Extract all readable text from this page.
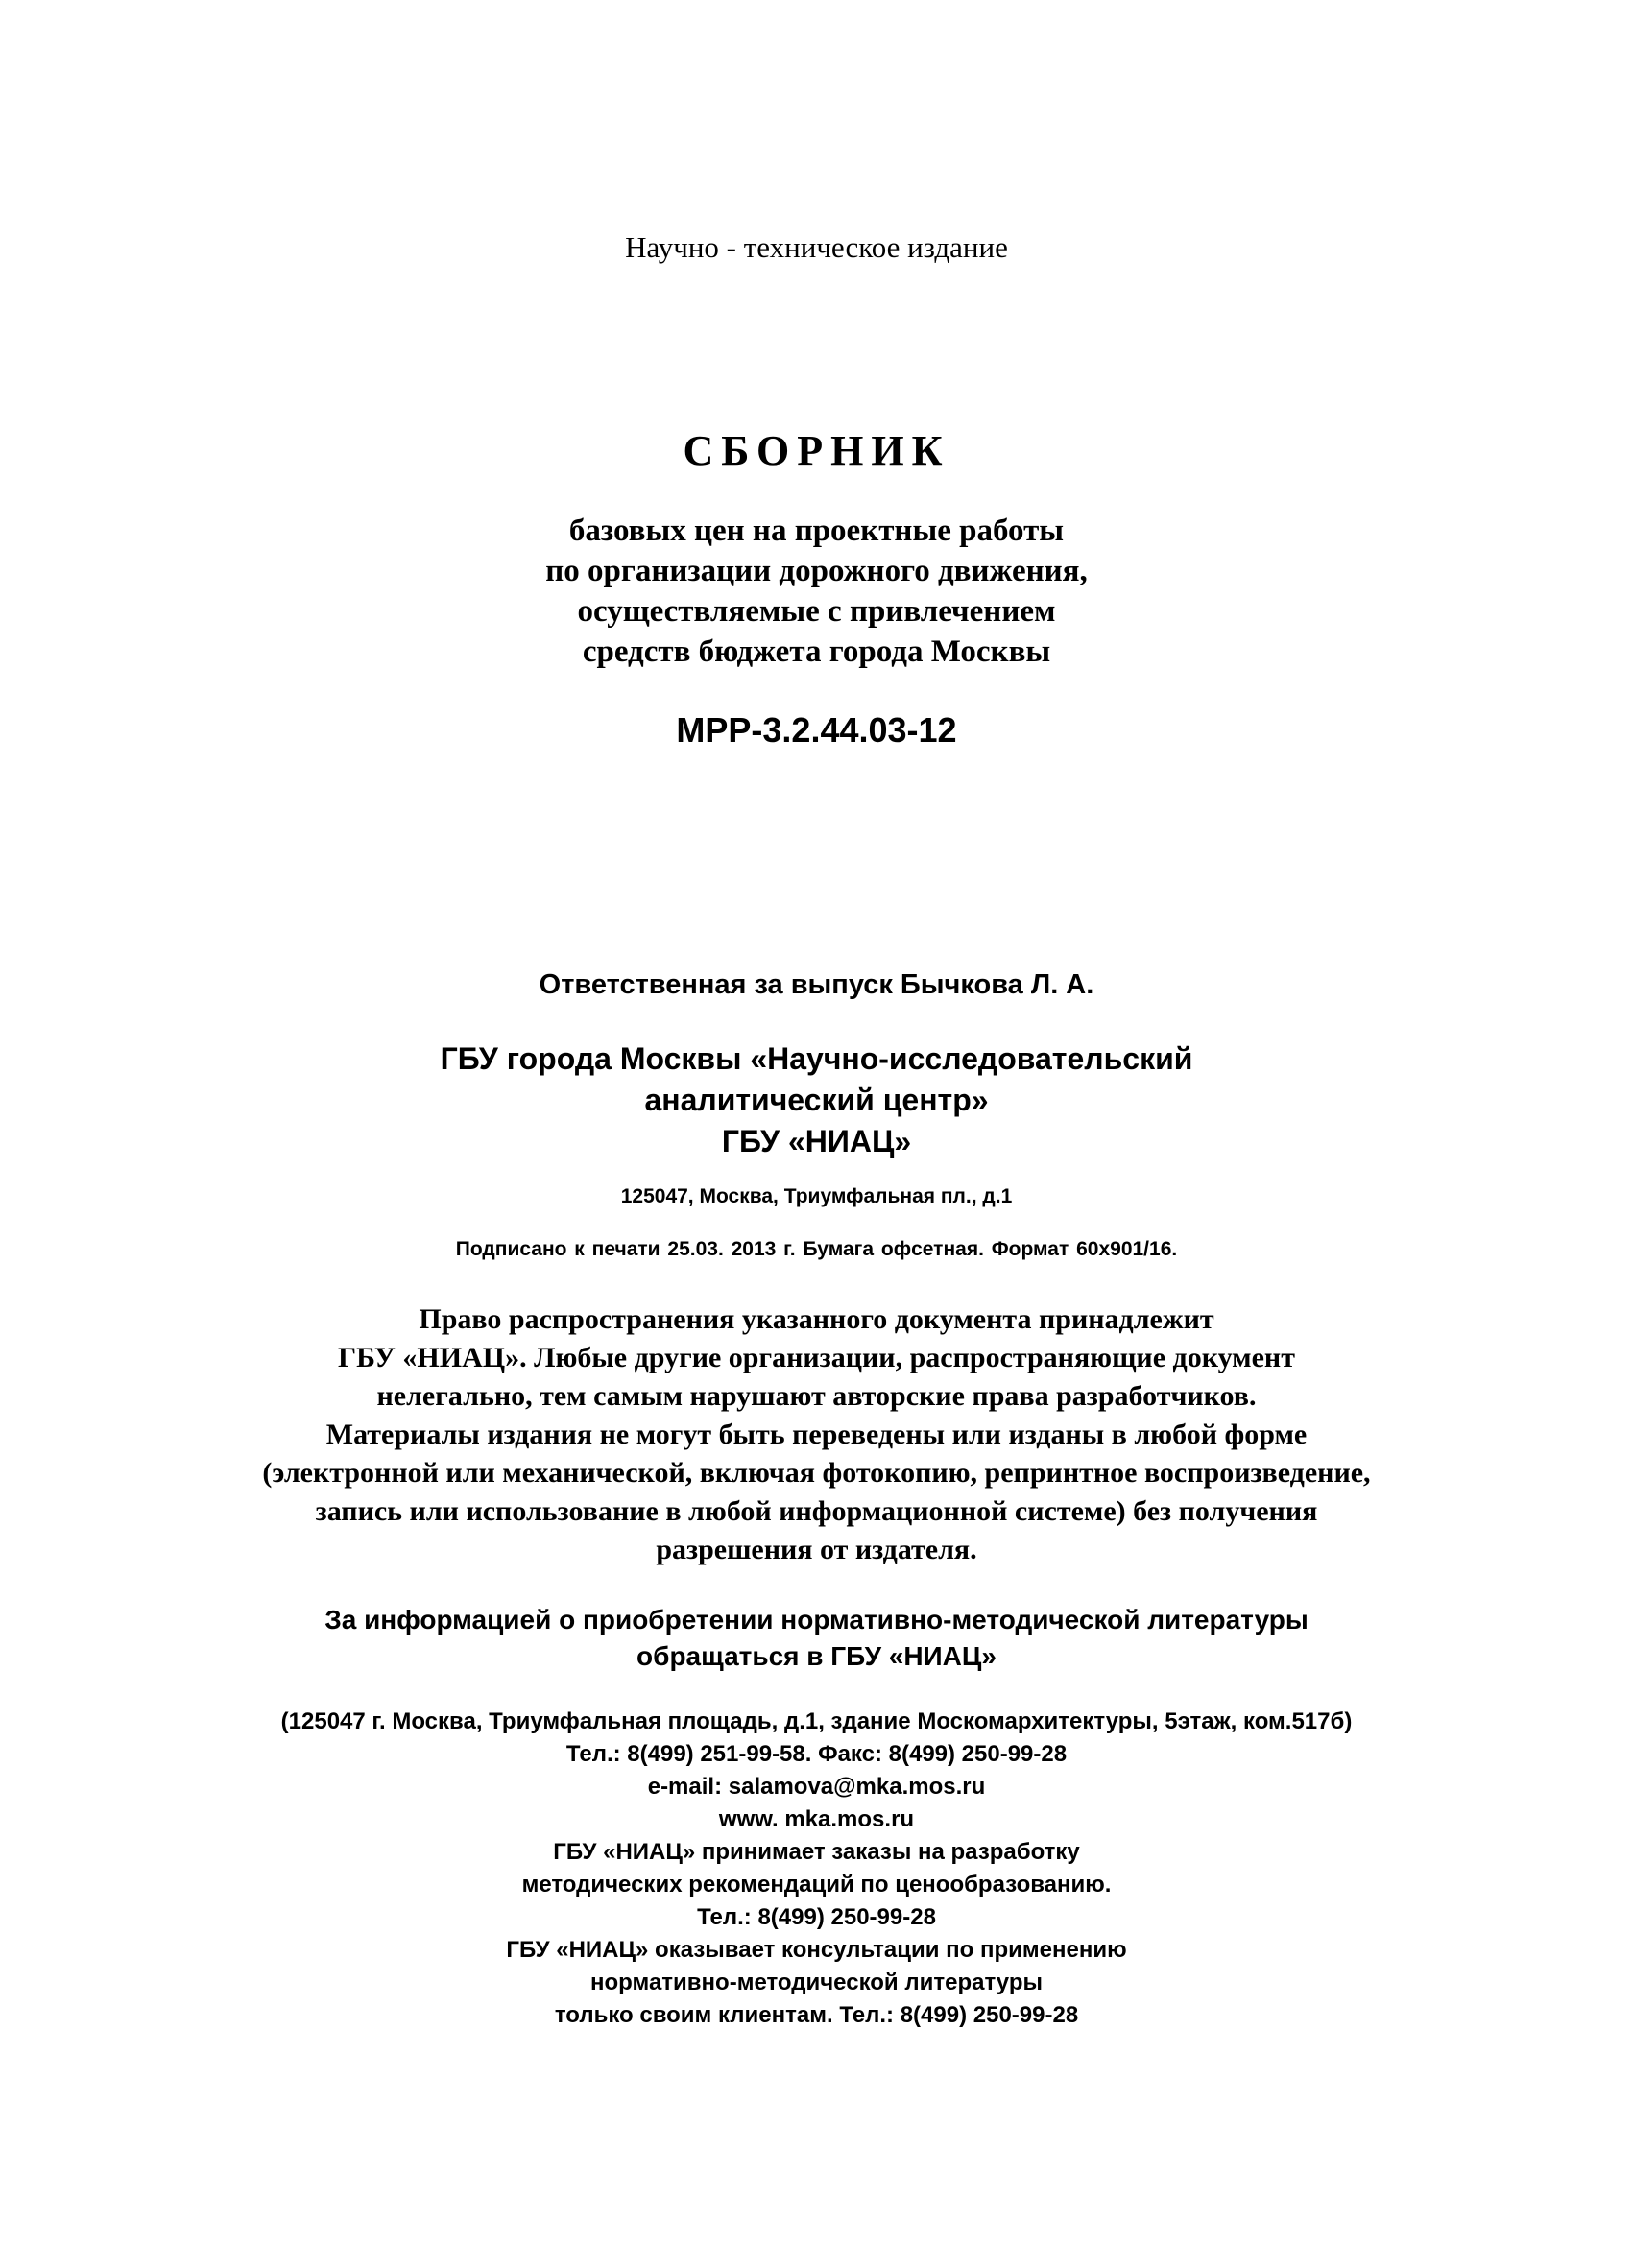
Научно - техническое издание
СБОРНИК
базовых цен на проектные работы
по организации дорожного движения,
осуществляемые с привлечением
средств бюджета города Москвы
МРР-3.2.44.03-12
Ответственная за выпуск Бычкова Л. А.
ГБУ города Москвы «Научно-исследовательский
аналитический центр»
ГБУ «НИАЦ»
125047, Москва, Триумфальная пл., д.1
Подписано к печати 25.03. 2013 г. Бумага офсетная. Формат 60х901/16.
Право распространения указанного документа принадлежит
ГБУ «НИАЦ». Любые другие организации, распространяющие документ
нелегально, тем самым нарушают авторские права разработчиков.
Материалы издания не могут быть переведены или изданы в любой форме
(электронной или механической, включая фотокопию, репринтное воспроизведение,
запись или использование в любой информационной системе) без получения
разрешения от издателя.
За информацией о приобретении нормативно-методической литературы
обращаться в ГБУ «НИАЦ»
(125047 г. Москва, Триумфальная площадь, д.1, здание Москомархитектуры, 5этаж, ком.517б)
Тел.: 8(499) 251-99-58. Факс: 8(499) 250-99-28
e-mail: salamova@mka.mos.ru
www. mka.mos.ru
ГБУ «НИАЦ» принимает заказы на разработку
методических рекомендаций по ценообразованию.
Тел.: 8(499) 250-99-28
ГБУ «НИАЦ» оказывает консультации по применению
нормативно-методической литературы
только своим клиентам. Тел.: 8(499) 250-99-28
